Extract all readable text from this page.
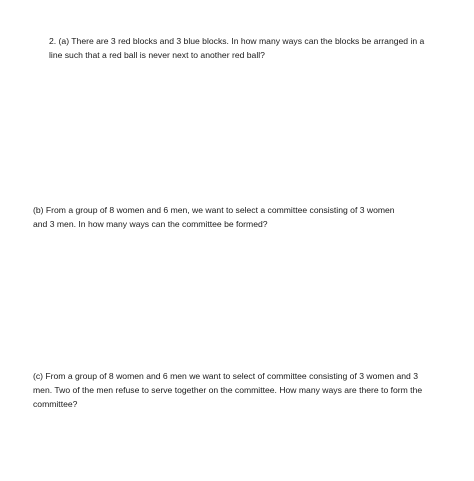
2. (a) There are 3 red blocks and 3 blue blocks. In how many ways can the blocks be arranged in a
line such that a red ball is never next to another red ball?

(b) From a group of 8 women and 6 men, we want to select a committee consisting of 3 women
and 3 men. In how many ways can the committee be formed?

(c) From a group of 8 women and 6 men we want to select of committee consisting of 3 women and 3
men. Two of the men refuse to serve together on the committee. How many ways are there to form the
committee?
